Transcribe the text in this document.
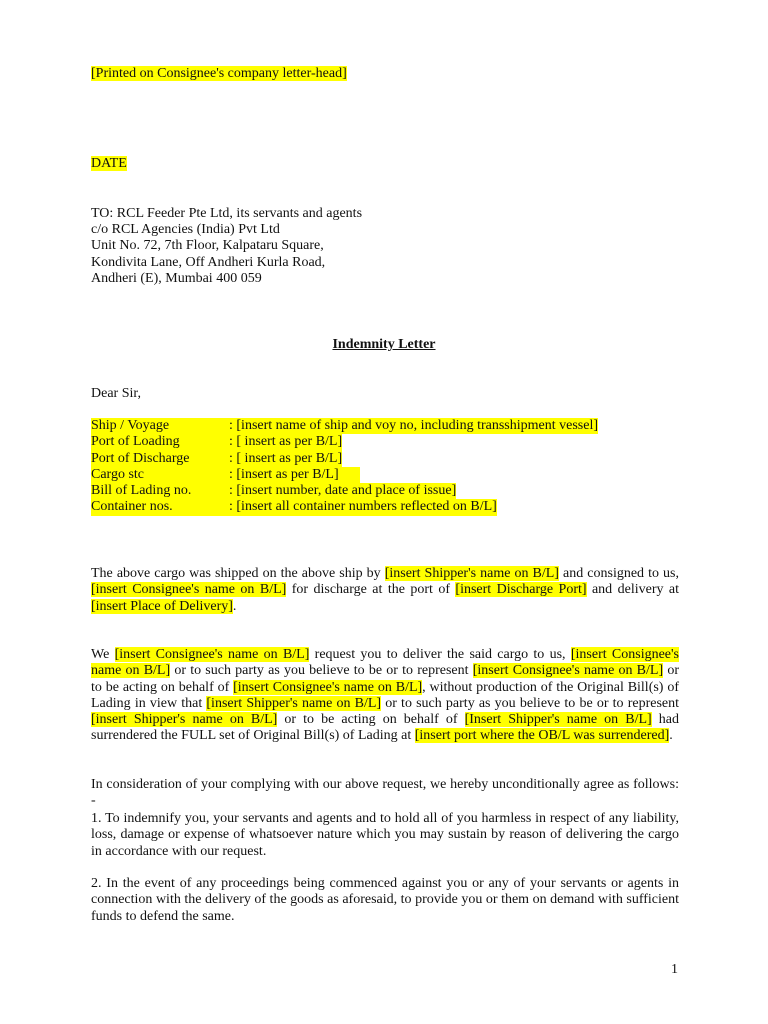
[Printed on Consignee's company letter-head]
DATE
TO: RCL Feeder Pte Ltd, its servants and agents
c/o RCL Agencies (India) Pvt Ltd
Unit No. 72, 7th Floor, Kalpataru Square,
Kondivita Lane, Off Andheri Kurla Road,
Andheri (E), Mumbai 400 059
Indemnity Letter
Dear Sir,
Ship / Voyage	: [insert name of ship and voy no, including transshipment vessel]
Port of Loading	: [ insert as per B/L]
Port of Discharge	: [ insert as per B/L]
Cargo stc	: [insert as per B/L]
Bill of Lading no.	: [insert number, date and place of issue]
Container nos.	: [insert all container numbers reflected on B/L]
The above cargo was shipped on the above ship by [insert Shipper's name on B/L] and consigned to us, [insert Consignee's name on B/L] for discharge at the port of [insert Discharge Port] and delivery at [insert Place of Delivery].
We [insert Consignee's name on B/L] request you to deliver the said cargo to us, [insert Consignee's name on B/L] or to such party as you believe to be or to represent [insert Consignee's name on B/L] or to be acting on behalf of [insert Consignee's name on B/L], without production of the Original Bill(s) of Lading in view that [insert Shipper's name on B/L] or to such party as you believe to be or to represent [insert Shipper's name on B/L] or to be acting on behalf of [Insert Shipper's name on B/L] had surrendered the FULL set of Original Bill(s) of Lading at [insert port where the OB/L was surrendered].
In consideration of your complying with our above request, we hereby unconditionally agree as follows: -
1. To indemnify you, your servants and agents and to hold all of you harmless in respect of any liability, loss, damage or expense of whatsoever nature which you may sustain by reason of delivering the cargo in accordance with our request.
2. In the event of any proceedings being commenced against you or any of your servants or agents in connection with the delivery of the goods as aforesaid, to provide you or them on demand with sufficient funds to defend the same.
1
